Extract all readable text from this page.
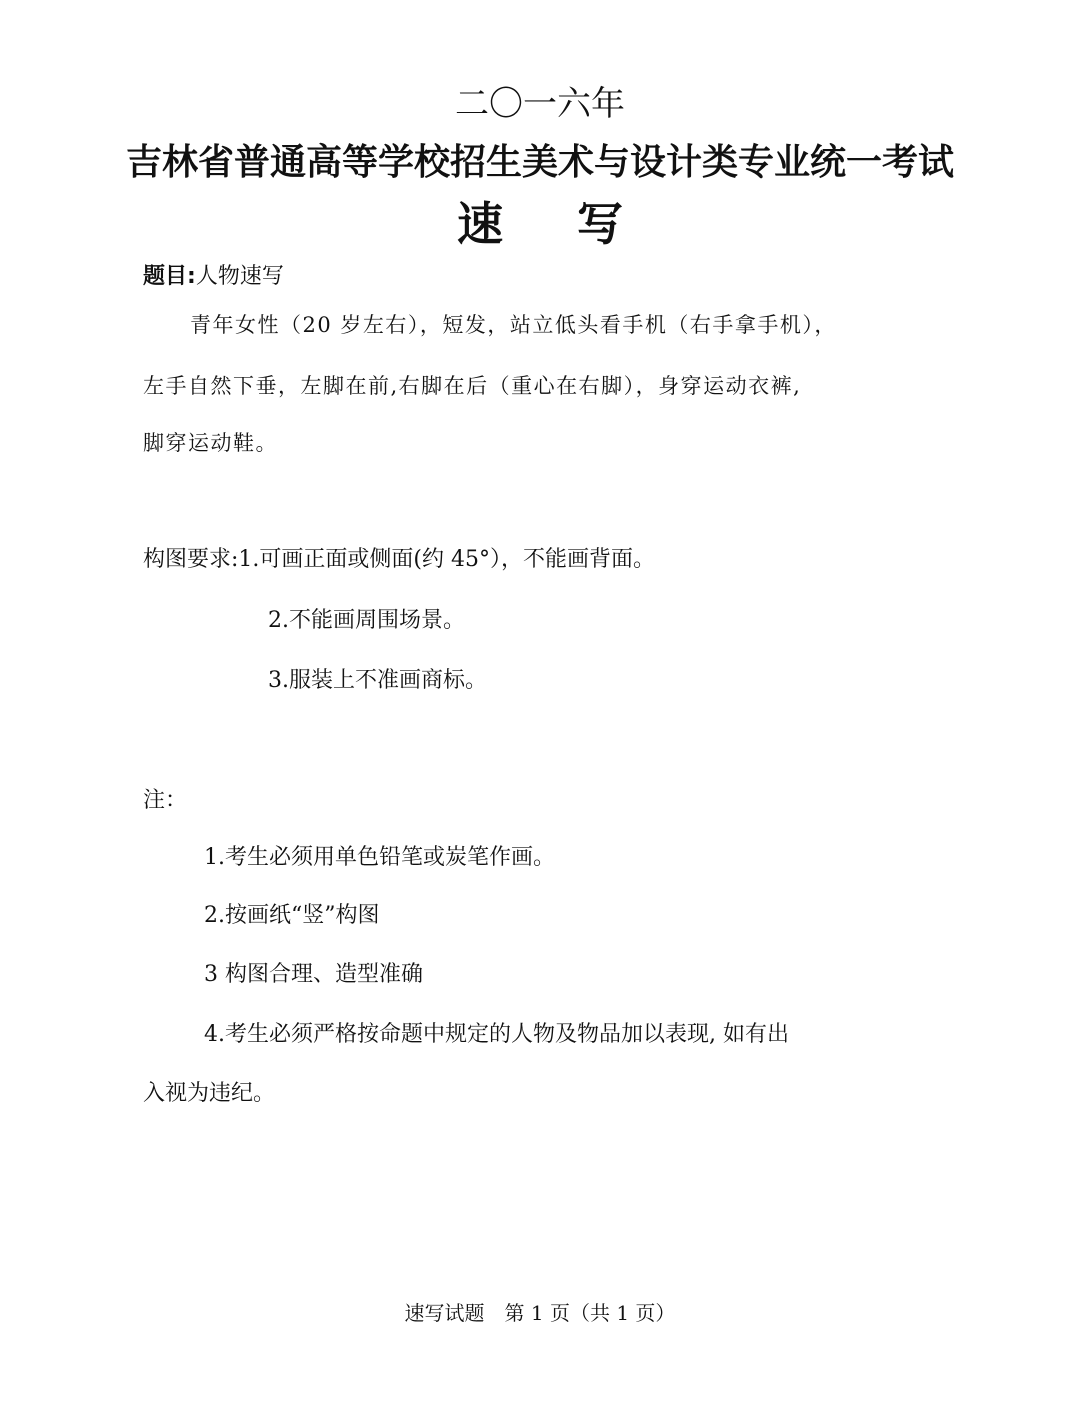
二〇一六年
吉林省普通高等学校招生美术与设计类专业统一考试
速 写
题目:人物速写
青年女性（20 岁左右），短发，站立低头看手机（右手拿手机），
左手自然下垂，左脚在前,右脚在后（重心在右脚），身穿运动衣裤,
脚穿运动鞋。
构图要求:1.可画正面或侧面(约 45°），不能画背面。
2.不能画周围场景。
3.服装上不准画商标。
注：
1.考生必须用单色铅笔或炭笔作画。
2.按画纸“竖”构图
3 构图合理、造型准确
4.考生必须严格按命题中规定的人物及物品加以表现, 如有出
入视为违纪。
速写试题　第 1 页（共 1 页）
